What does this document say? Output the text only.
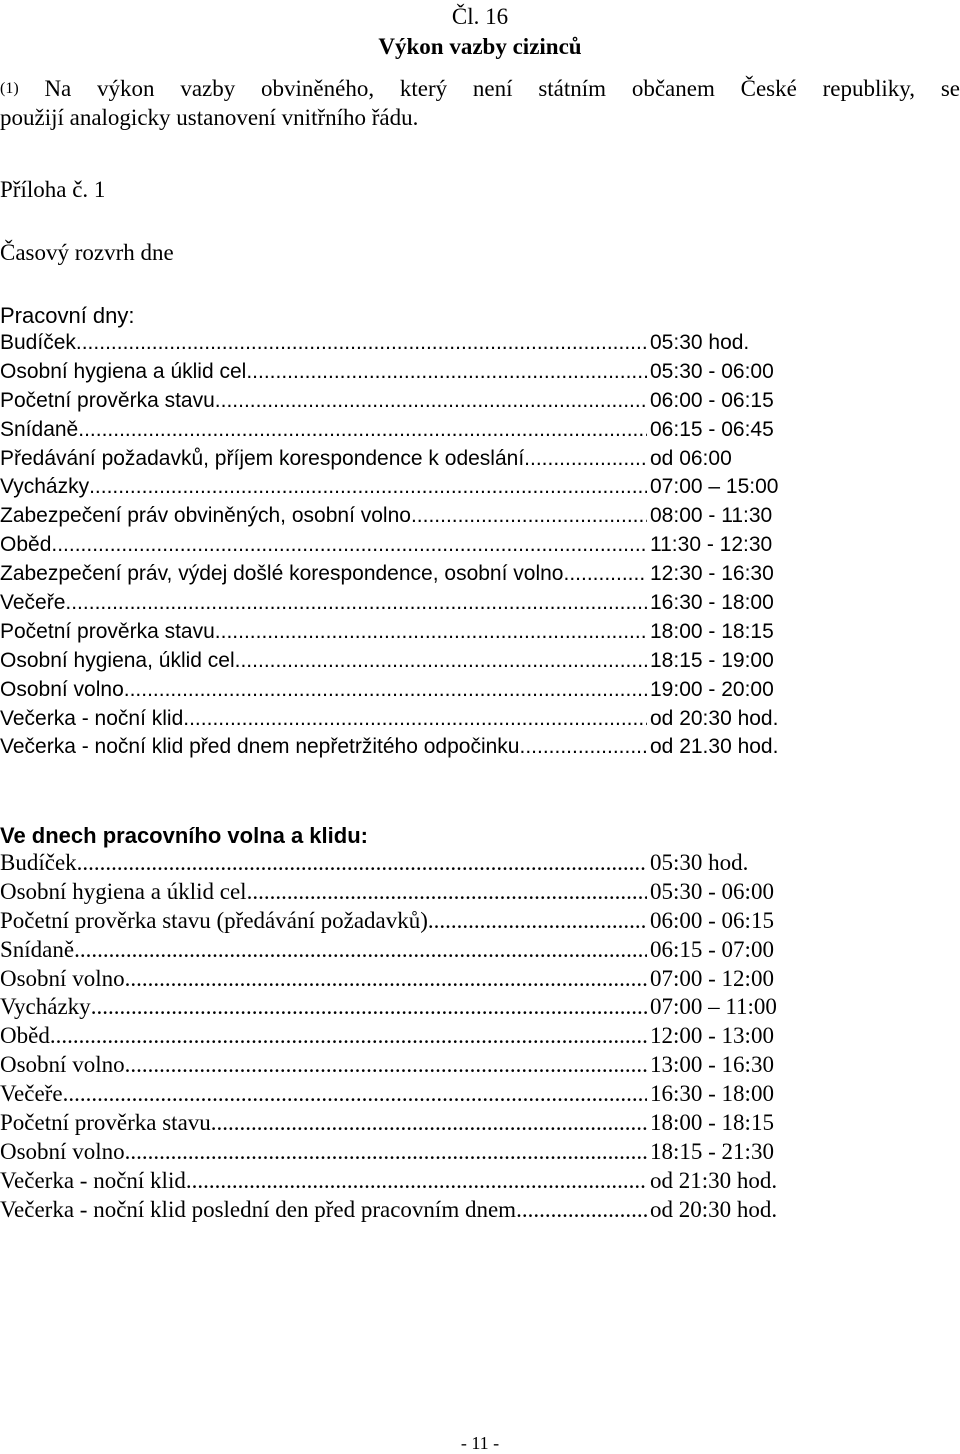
Čl. 16
Výkon vazby cizinců
(1) Na výkon vazby obviněného, který není státním občanem České republiky, se
použijí analogicky ustanovení vnitřního řádu.
Příloha č. 1
Časový rozvrh dne
Pracovní dny:
Budíček .....	05:30 hod.
Osobní hygiena a úklid cel .....	05:30 - 06:00
Početní prověrka stavu .....	06:00 - 06:15
Snídaně .....	06:15 - 06:45
Předávání požadavků, příjem korespondence k odeslání .....	od 06:00
Vycházky .....	07:00 – 15:00
Zabezpečení práv obviněných, osobní volno .....	08:00 - 11:30
Oběd .....	11:30 - 12:30
Zabezpečení práv, výdej došlé korespondence, osobní volno .....	12:30 - 16:30
Večeře .....	16:30 - 18:00
Početní prověrka stavu .....	18:00 - 18:15
Osobní hygiena, úklid cel .....	18:15 - 19:00
Osobní volno .....	19:00 - 20:00
Večerka - noční klid .....	od 20:30 hod.
Večerka - noční klid před dnem nepřetržitého odpočinku .....	od 21.30 hod.
Ve dnech pracovního volna a klidu:
Budíček .....	05:30 hod.
Osobní hygiena a úklid cel .....	05:30 - 06:00
Početní prověrka stavu (předávání požadavků) .....	06:00 - 06:15
Snídaně .....	06:15 - 07:00
Osobní volno .....	07:00 - 12:00
Vycházky .....	07:00 – 11:00
Oběd .....	12:00 - 13:00
Osobní volno .....	13:00 - 16:30
Večeře .....	16:30 - 18:00
Početní prověrka stavu .....	18:00 - 18:15
Osobní volno .....	18:15 - 21:30
Večerka - noční klid .....	od 21:30 hod.
Večerka - noční klid poslední den před pracovním dnem .....	od 20:30 hod.
- 11 -
